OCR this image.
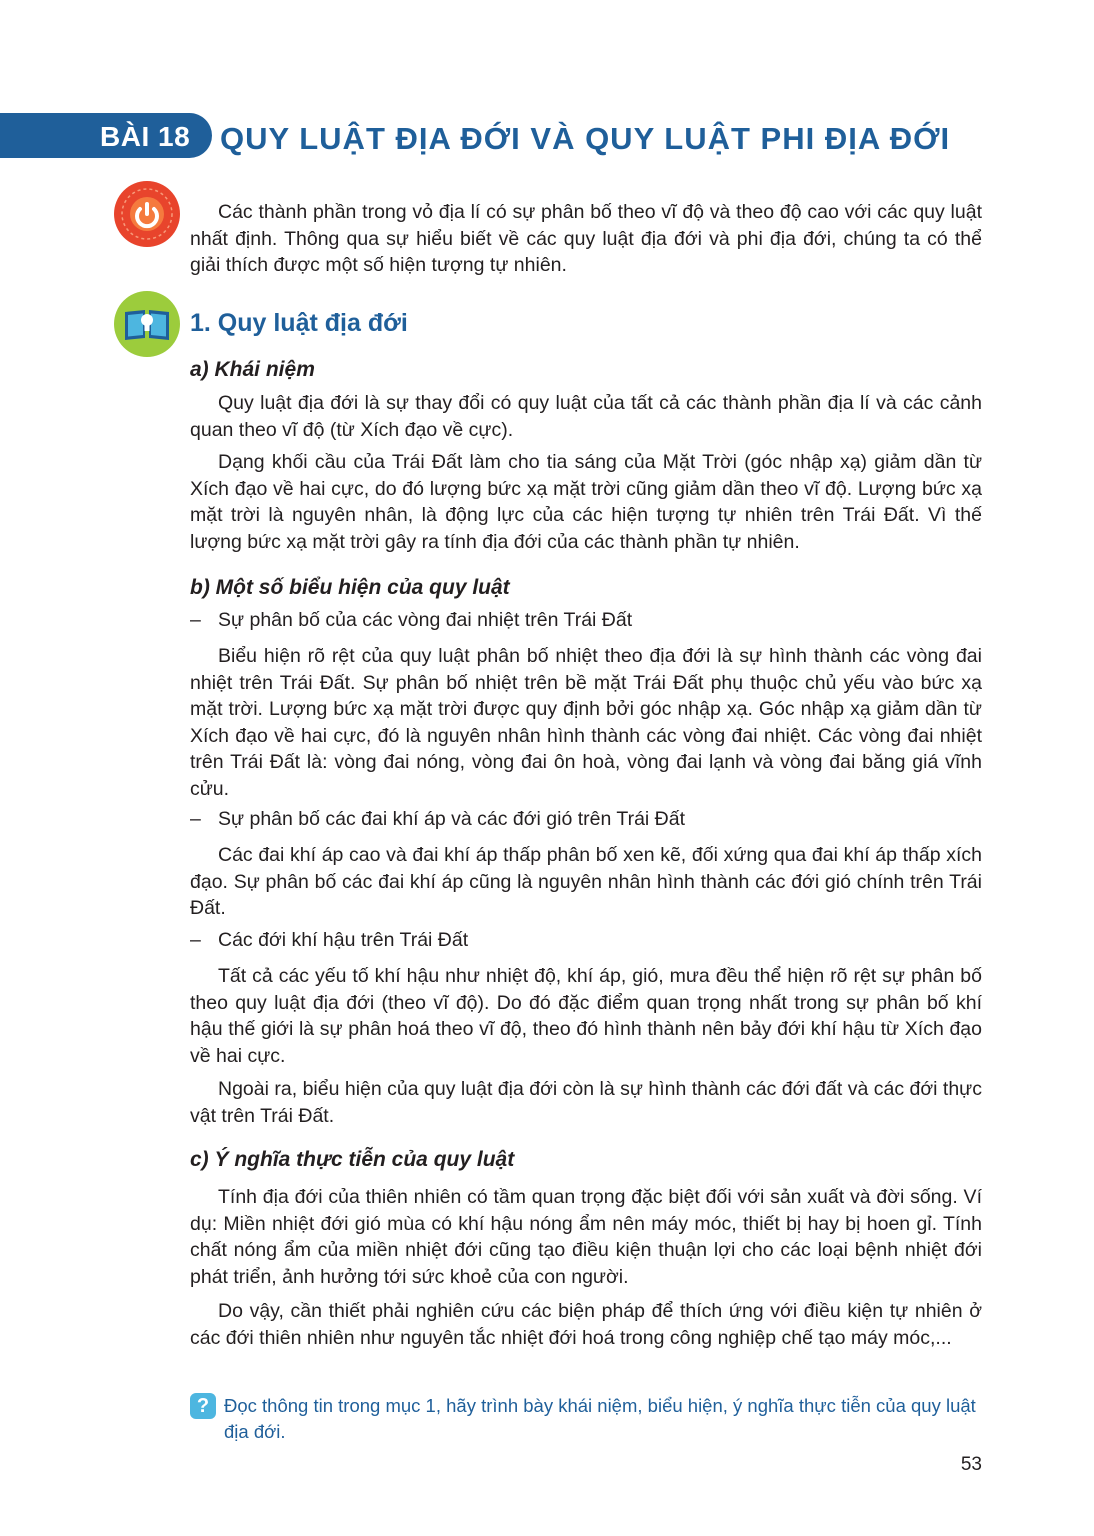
BÀI 18 QUY LUẬT ĐỊA ĐỚI VÀ QUY LUẬT PHI ĐỊA ĐỚI

Các thành phần trong vỏ địa lí có sự phân bố theo vĩ độ và theo độ cao với các quy luật nhất định. Thông qua sự hiểu biết về các quy luật địa đới và phi địa đới, chúng ta có thể giải thích được một số hiện tượng tự nhiên.

1. Quy luật địa đới
a) Khái niệm

Quy luật địa đới là sự thay đổi có quy luật của tất cả các thành phần địa lí và các cảnh quan theo vĩ độ (từ Xích đạo về cực).

Dạng khối cầu của Trái Đất làm cho tia sáng của Mặt Trời (góc nhập xạ) giảm dần từ Xích đạo về hai cực, do đó lượng bức xạ mặt trời cũng giảm dần theo vĩ độ. Lượng bức xạ mặt trời là nguyên nhân, là động lực của các hiện tượng tự nhiên trên Trái Đất. Vì thế lượng bức xạ mặt trời gây ra tính địa đới của các thành phần tự nhiên.

b) Một số biểu hiện của quy luật

– Sự phân bố của các vòng đai nhiệt trên Trái Đất

Biểu hiện rõ rệt của quy luật phân bố nhiệt theo địa đới là sự hình thành các vòng đai nhiệt trên Trái Đất. Sự phân bố nhiệt trên bề mặt Trái Đất phụ thuộc chủ yếu vào bức xạ mặt trời. Lượng bức xạ mặt trời được quy định bởi góc nhập xạ. Góc nhập xạ giảm dần từ Xích đạo về hai cực, đó là nguyên nhân hình thành các vòng đai nhiệt. Các vòng đai nhiệt trên Trái Đất là: vòng đai nóng, vòng đai ôn hoà, vòng đai lạnh và vòng đai băng giá vĩnh cửu.

– Sự phân bố các đai khí áp và các đới gió trên Trái Đất

Các đai khí áp cao và đai khí áp thấp phân bố xen kẽ, đối xứng qua đai khí áp thấp xích đạo. Sự phân bố các đai khí áp cũng là nguyên nhân hình thành các đới gió chính trên Trái Đất.

– Các đới khí hậu trên Trái Đất

Tất cả các yếu tố khí hậu như nhiệt độ, khí áp, gió, mưa đều thể hiện rõ rệt sự phân bố theo quy luật địa đới (theo vĩ độ). Do đó đặc điểm quan trọng nhất trong sự phân bố khí hậu thế giới là sự phân hoá theo vĩ độ, theo đó hình thành nên bảy đới khí hậu từ Xích đạo về hai cực.

Ngoài ra, biểu hiện của quy luật địa đới còn là sự hình thành các đới đất và các đới thực vật trên Trái Đất.

c) Ý nghĩa thực tiễn của quy luật

Tính địa đới của thiên nhiên có tầm quan trọng đặc biệt đối với sản xuất và đời sống. Ví dụ: Miền nhiệt đới gió mùa có khí hậu nóng ẩm nên máy móc, thiết bị hay bị hoen gỉ. Tính chất nóng ẩm của miền nhiệt đới cũng tạo điều kiện thuận lợi cho các loại bệnh nhiệt đới phát triển, ảnh hưởng tới sức khoẻ của con người.

Do vậy, cần thiết phải nghiên cứu các biện pháp để thích ứng với điều kiện tự nhiên ở các đới thiên nhiên như nguyên tắc nhiệt đới hoá trong công nghiệp chế tạo máy móc,...

? Đọc thông tin trong mục 1, hãy trình bày khái niệm, biểu hiện, ý nghĩa thực tiễn của quy luật địa đới.

53
